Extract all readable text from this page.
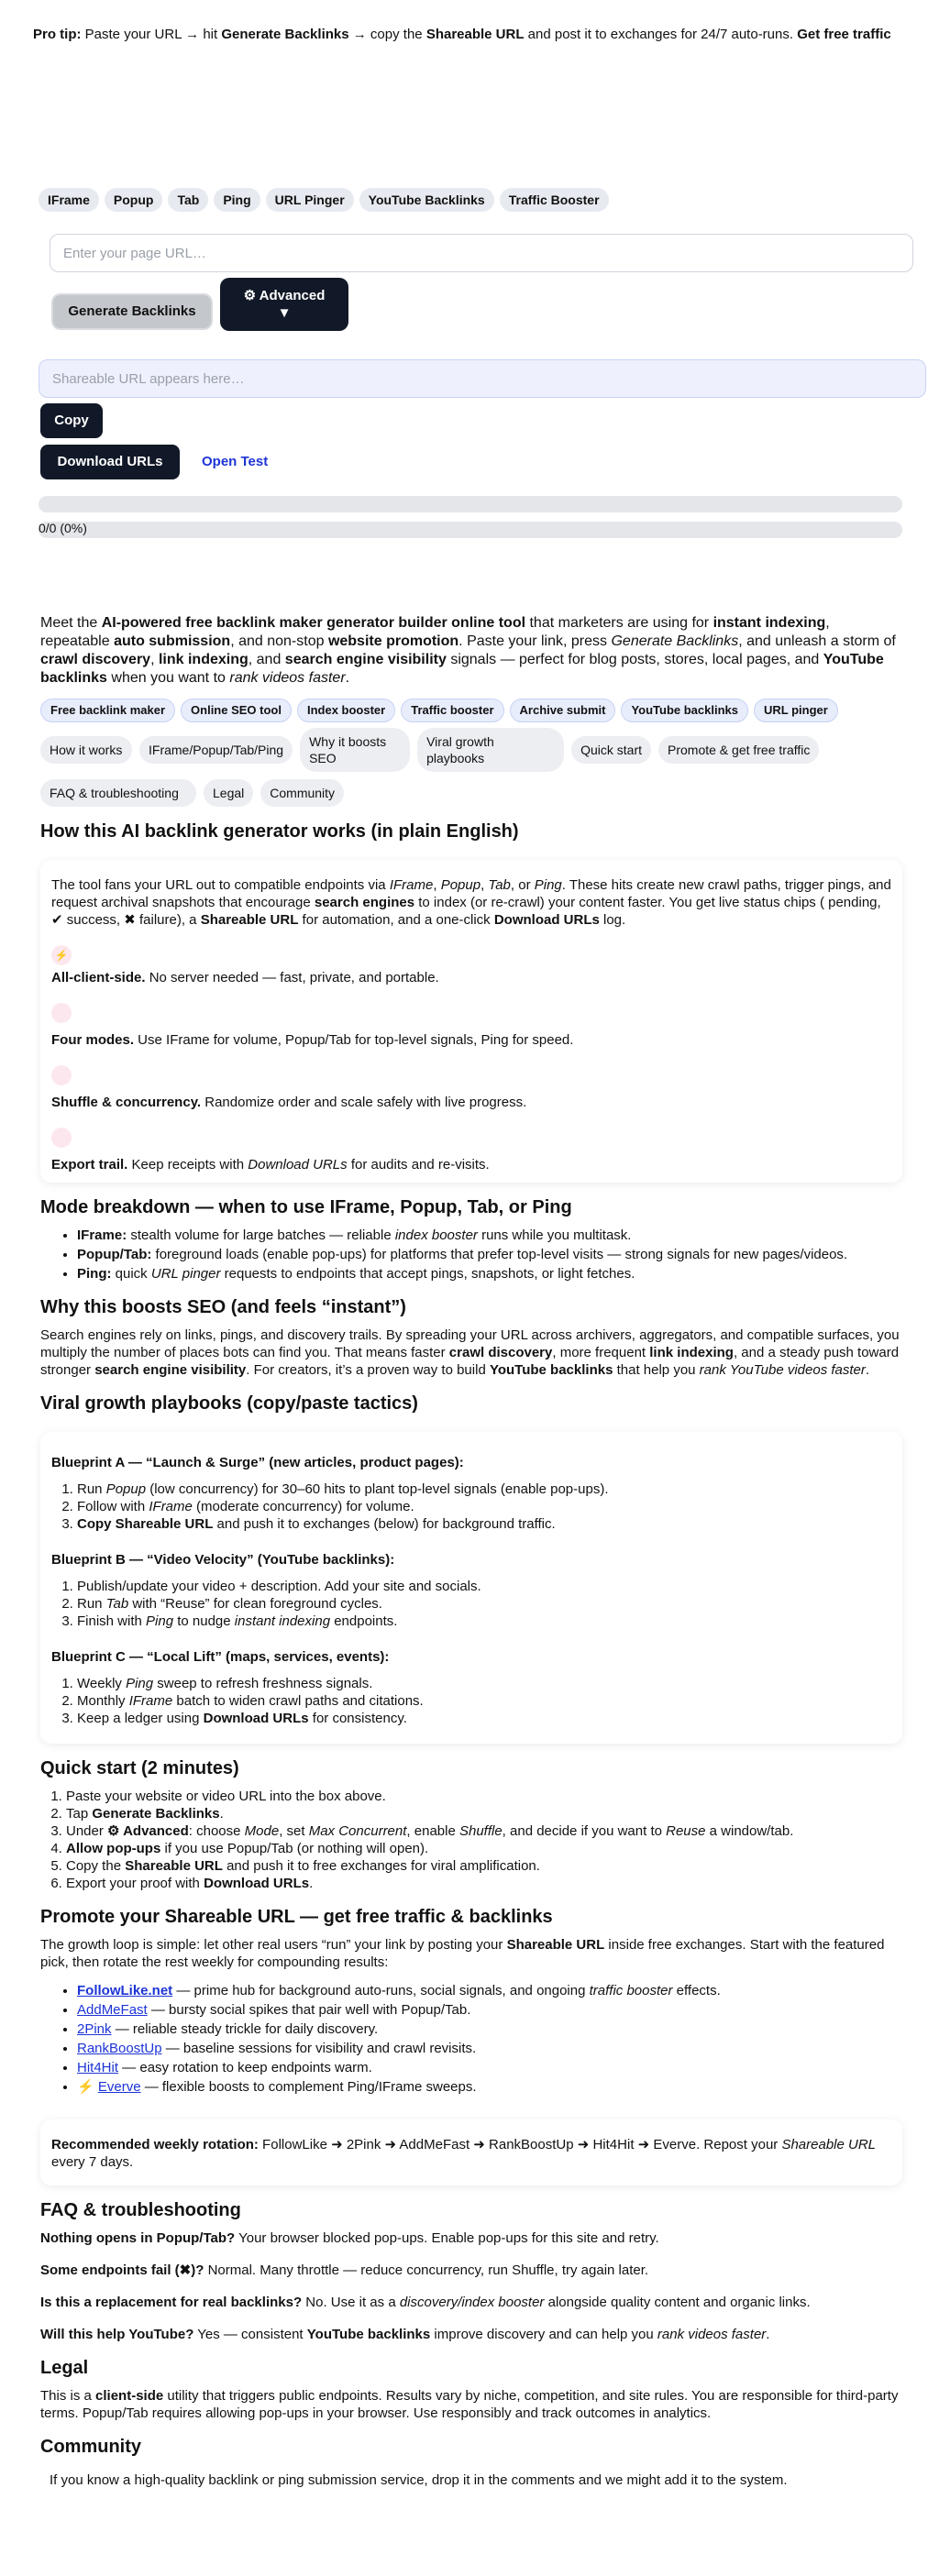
Pro tip: Paste your URL → hit Generate Backlinks → copy the Shareable URL and post it to exchanges for 24/7 auto-runs. Get free traffic
IFrame	Popup	Tab	Ping	URL Pinger	YouTube Backlinks	Traffic Booster
Enter your page URL…
Generate Backlinks
⚙ Advanced
▼
Shareable URL appears here…
Copy
Download URLs	Open Test
0/0 (0%)

Meet the AI-powered free backlink maker generator builder online tool that marketers are using for instant indexing, repeatable auto submission, and non-stop website promotion. Paste your link, press Generate Backlinks, and unleash a storm of crawl discovery, link indexing, and search engine visibility signals — perfect for blog posts, stores, local pages, and YouTube backlinks when you want to rank videos faster.

Free backlink maker	Online SEO tool	Index booster	Traffic booster	Archive submit	YouTube backlinks	URL pinger
How it works	IFrame/Popup/Tab/Ping
Why it boosts SEO
Viral growth playbooks
Quick start	Promote & get free traffic
FAQ & troubleshooting	Legal	Community
How this AI backlink generator works (in plain English)

The tool fans your URL out to compatible endpoints via IFrame, Popup, Tab, or Ping. These hits create new crawl paths, trigger pings, and request archival snapshots that encourage search engines to index (or re-crawl) your content faster. You get live status chips ( pending, ✔ success, ✖ failure), a Shareable URL for automation, and a one-click Download URLs log.

⚡

All-client-side. No server needed — fast, private, and portable.

Four modes. Use IFrame for volume, Popup/Tab for top-level signals, Ping for speed.

Shuffle & concurrency. Randomize order and scale safely with live progress.

Export trail. Keep receipts with Download URLs for audits and re-visits.

Mode breakdown — when to use IFrame, Popup, Tab, or Ping
• IFrame: stealth volume for large batches — reliable index booster runs while you multitask.
• Popup/Tab: foreground loads (enable pop-ups) for platforms that prefer top-level visits — strong signals for new pages/videos.
• Ping: quick URL pinger requests to endpoints that accept pings, snapshots, or light fetches.
Why this boosts SEO (and feels “instant”)

Search engines rely on links, pings, and discovery trails. By spreading your URL across archivers, aggregators, and compatible surfaces, you multiply the number of places bots can find you. That means faster crawl discovery, more frequent link indexing, and a steady push toward stronger search engine visibility. For creators, it’s a proven way to build YouTube backlinks that help you rank YouTube videos faster.

Viral growth playbooks (copy/paste tactics)

Blueprint A — “Launch & Surge” (new articles, product pages):

1. Run Popup (low concurrency) for 30–60 hits to plant top-level signals (enable pop-ups).
2. Follow with IFrame (moderate concurrency) for volume.
3. Copy Shareable URL and push it to exchanges (below) for background traffic.

Blueprint B — “Video Velocity” (YouTube backlinks):

1. Publish/update your video + description. Add your site and socials.
2. Run Tab with “Reuse” for clean foreground cycles.
3. Finish with Ping to nudge instant indexing endpoints.

Blueprint C — “Local Lift” (maps, services, events):

1. Weekly Ping sweep to refresh freshness signals.
2. Monthly IFrame batch to widen crawl paths and citations.
3. Keep a ledger using Download URLs for consistency.
Quick start (2 minutes)
1. Paste your website or video URL into the box above.
2. Tap Generate Backlinks.
3. Under ⚙ Advanced: choose Mode, set Max Concurrent, enable Shuffle, and decide if you want to Reuse a window/tab.
4. Allow pop-ups if you use Popup/Tab (or nothing will open).
5. Copy the Shareable URL and push it to free exchanges for viral amplification.
6. Export your proof with Download URLs.
Promote your Shareable URL — get free traffic & backlinks

The growth loop is simple: let other real users “run” your link by posting your Shareable URL inside free exchanges. Start with the featured pick, then rotate the rest weekly for compounding results:

• FollowLike.net — prime hub for background auto-runs, social signals, and ongoing traffic booster effects.
• AddMeFast — bursty social spikes that pair well with Popup/Tab.
• 2Pink — reliable steady trickle for daily discovery.
• RankBoostUp — baseline sessions for visibility and crawl revisits.
• Hit4Hit — easy rotation to keep endpoints warm.
• ⚡ Everve — flexible boosts to complement Ping/IFrame sweeps.

Recommended weekly rotation: FollowLike ➜ 2Pink ➜ AddMeFast ➜ RankBoostUp ➜ Hit4Hit ➜ Everve. Repost your Shareable URL every 7 days.

FAQ & troubleshooting

Nothing opens in Popup/Tab? Your browser blocked pop-ups. Enable pop-ups for this site and retry.

Some endpoints fail (✖)? Normal. Many throttle — reduce concurrency, run Shuffle, try again later.

Is this a replacement for real backlinks? No. Use it as a discovery/index booster alongside quality content and organic links.

Will this help YouTube? Yes — consistent YouTube backlinks improve discovery and can help you rank videos faster.

Legal

This is a client-side utility that triggers public endpoints. Results vary by niche, competition, and site rules. You are responsible for third-party terms. Popup/Tab requires allowing pop-ups in your browser. Use responsibly and track outcomes in analytics.

Community

If you know a high-quality backlink or ping submission service, drop it in the comments and we might add it to the system.
